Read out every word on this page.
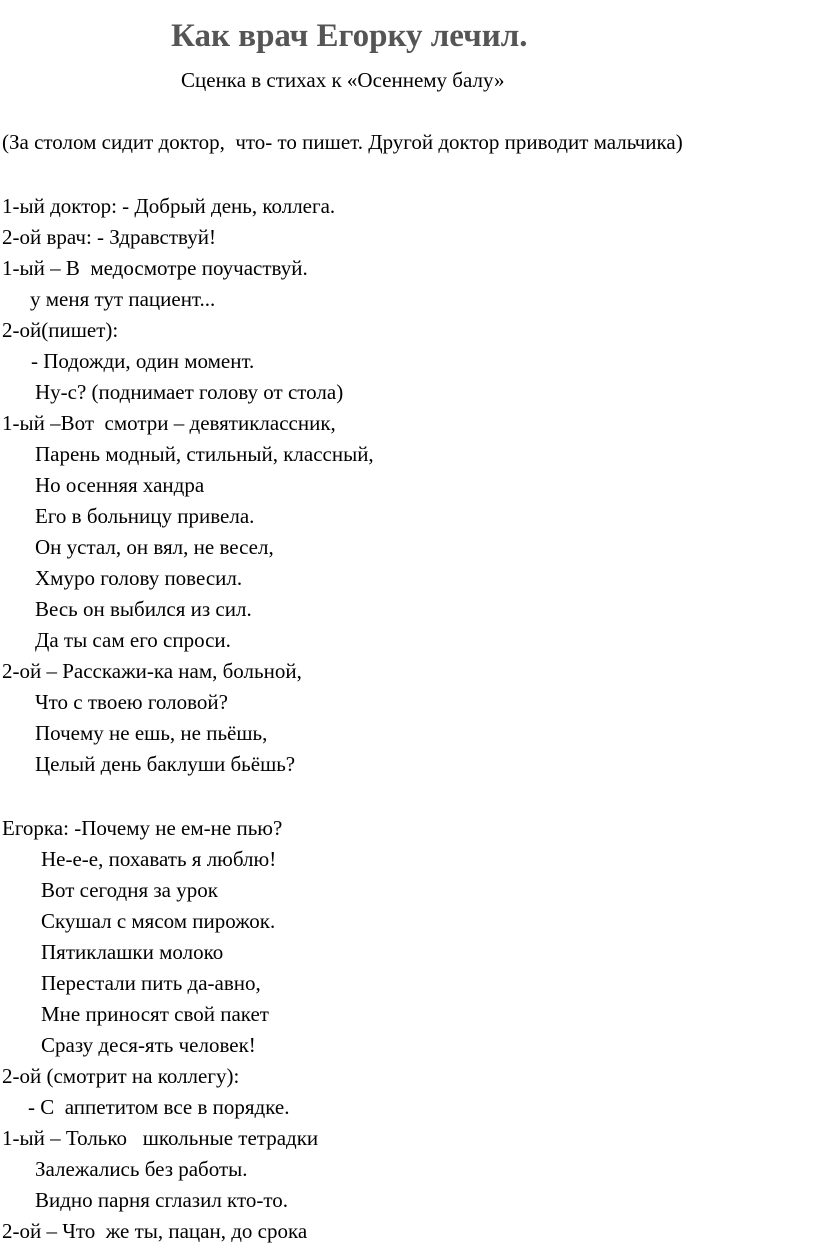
Как врач Егорку лечил.
Сценка в стихах к «Осеннему балу»
(За столом сидит доктор,  что- то пишет. Другой доктор приводит мальчика)
1-ый доктор: - Добрый день, коллега.
2-ой врач: - Здравствуй!
1-ый – В  медосмотре поучаствуй.
у меня тут пациент...
2-ой(пишет):
- Подожди, один момент.
Ну-с? (поднимает голову от стола)
1-ый –Вот  смотри – девятиклассник,
Парень модный, стильный, классный,
Но осенняя хандра
Его в больницу привела.
Он устал, он вял, не весел,
Хмуро голову повесил.
Весь он выбился из сил.
Да ты сам его спроси.
2-ой – Расскажи-ка нам, больной,
Что с твоею головой?
Почему не ешь, не пьёшь,
Целый день баклуши бьёшь?
Егорка: -Почему не ем-не пью?
Не-е-е, похавать я люблю!
Вот сегодня за урок
Скушал с мясом пирожок.
Пятиклашки молоко
Перестали пить да-авно,
Мне приносят свой пакет
Сразу деся-ять человек!
2-ой (смотрит на коллегу):
- С  аппетитом все в порядке.
1-ый – Только   школьные тетрадки
Залежались без работы.
Видно парня сглазил кто-то.
2-ой – Что  же ты, пацан, до срока
